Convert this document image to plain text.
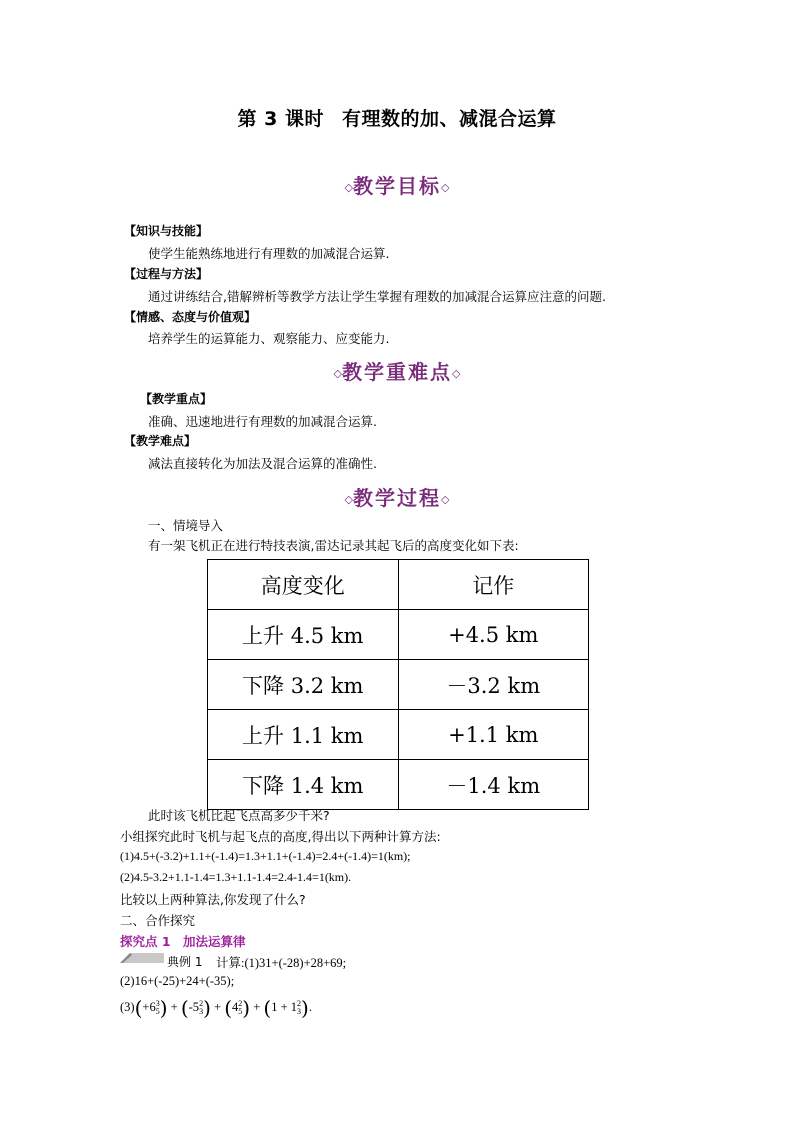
第 3 课时 有理数的加、减混合运算
◇教学目标◇
【知识与技能】
使学生能熟练地进行有理数的加减混合运算.
【过程与方法】
通过讲练结合,错解辨析等教学方法让学生掌握有理数的加减混合运算应注意的问题.
【情感、态度与价值观】
培养学生的运算能力、观察能力、应变能力.
◇教学重难点◇
【教学重点】
准确、迅速地进行有理数的加减混合运算.
【教学难点】
减法直接转化为加法及混合运算的准确性.
◇教学过程◇
一、情境导入
有一架飞机正在进行特技表演,雷达记录其起飞后的高度变化如下表:
高度变化	记作
上升 4.5 km	+4.5 km
下降 3.2 km	－3.2 km
上升 1.1 km	+1.1 km
下降 1.4 km	－1.4 km
此时该飞机比起飞点高多少千米?
小组探究此时飞机与起飞点的高度,得出以下两种计算方法:
(1)4.5+(-3.2)+1.1+(-1.4)=1.3+1.1+(-1.4)=2.4+(-1.4)=1(km);
(2)4.5-3.2+1.1-1.4=1.3+1.1-1.4=2.4-1.4=1(km).
比较以上两种算法,你发现了什么?
二、合作探究
探究点 1　加法运算律
典例 1 计算:(1)31+(-28)+28+69;
(2)16+(-25)+24+(-35);
(3)(+6 3
5 ) + (-5 2
3 ) + (4 2
5 ) + (1 + 1 2
3 ).
